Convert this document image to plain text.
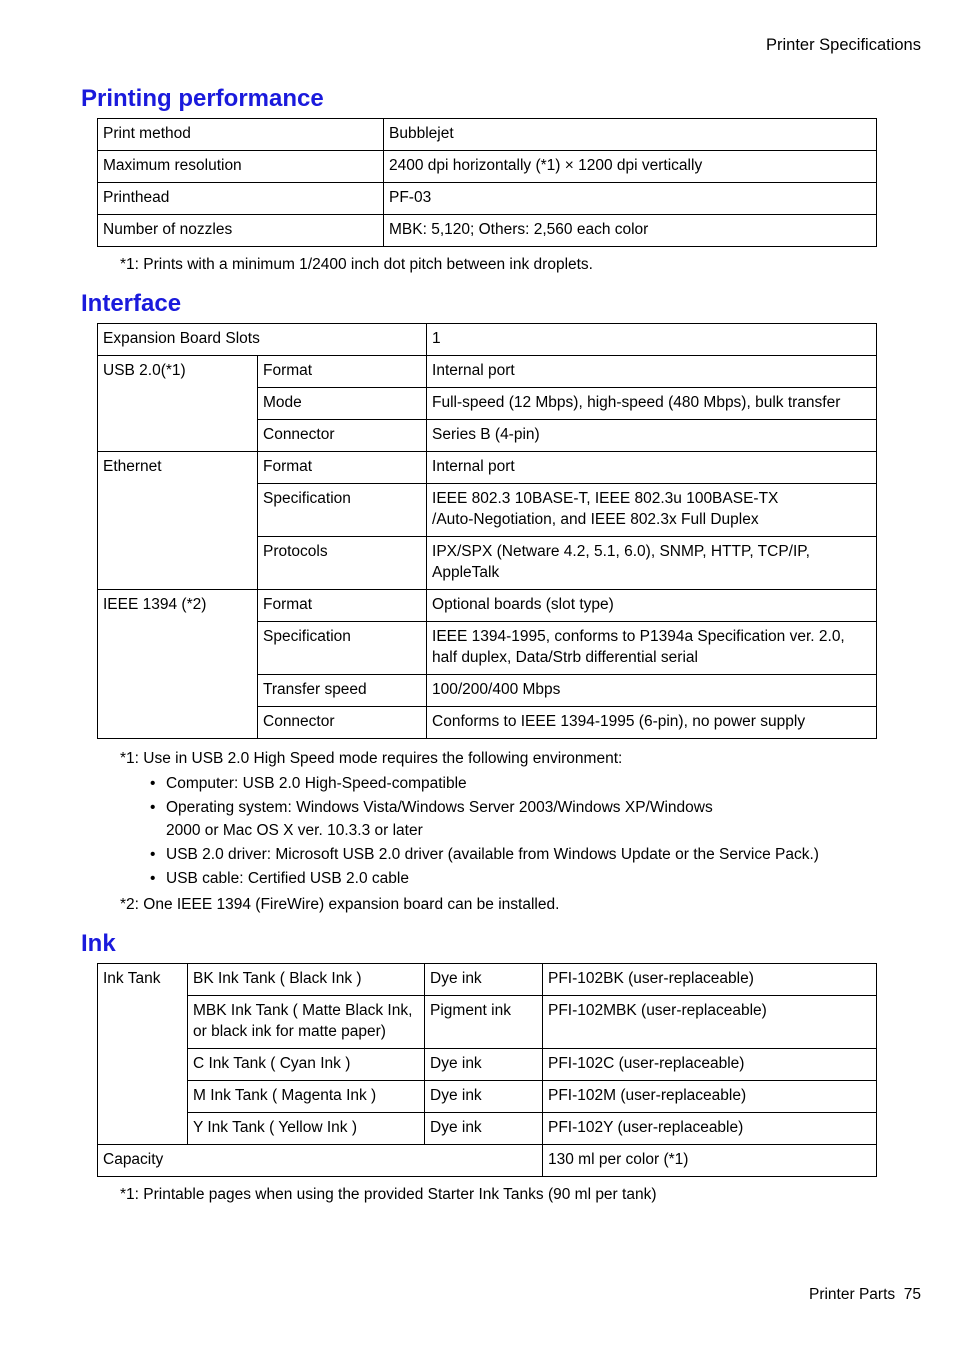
Printer Specifications
Printing performance
Print method	Bubblejet
Maximum resolution	2400 dpi horizontally (*1) × 1200 dpi vertically
Printhead	PF-03
Number of nozzles	MBK: 5,120; Others: 2,560 each color
*1: Prints with a minimum 1/2400 inch dot pitch between ink droplets.
Interface
Expansion Board Slots		1
USB 2.0(*1)	Format	Internal port
	Mode	Full-speed (12 Mbps), high-speed (480 Mbps), bulk transfer
	Connector	Series B (4-pin)
Ethernet	Format	Internal port
	Specification	IEEE 802.3 10BASE-T, IEEE 802.3u 100BASE-TX
/Auto-Negotiation, and IEEE 802.3x Full Duplex
	Protocols	IPX/SPX (Netware 4.2, 5.1, 6.0), SNMP, HTTP, TCP/IP,
AppleTalk
IEEE 1394 (*2)	Format	Optional boards (slot type)
	Specification	IEEE 1394-1995, conforms to P1394a Specification ver. 2.0,
half duplex, Data/Strb differential serial
	Transfer speed	100/200/400 Mbps
	Connector	Conforms to IEEE 1394-1995 (6-pin), no power supply
*1: Use in USB 2.0 High Speed mode requires the following environment:
• Computer: USB 2.0 High-Speed-compatible
• Operating system: Windows Vista/Windows Server 2003/Windows XP/Windows
2000 or Mac OS X ver. 10.3.3 or later
• USB 2.0 driver: Microsoft USB 2.0 driver (available from Windows Update or the Service Pack.)
• USB cable: Certified USB 2.0 cable
*2: One IEEE 1394 (FireWire) expansion board can be installed.
Ink
Ink Tank	BK Ink Tank ( Black Ink )	Dye ink	PFI-102BK (user-replaceable)
	MBK Ink Tank ( Matte Black Ink,
or black ink for matte paper)	Pigment ink	PFI-102MBK (user-replaceable)
	C Ink Tank ( Cyan Ink )	Dye ink	PFI-102C (user-replaceable)
	M Ink Tank ( Magenta Ink )	Dye ink	PFI-102M (user-replaceable)
	Y Ink Tank ( Yellow Ink )	Dye ink	PFI-102Y (user-replaceable)
Capacity			130 ml per color (*1)
*1: Printable pages when using the provided Starter Ink Tanks (90 ml per tank)
Printer Parts 75
